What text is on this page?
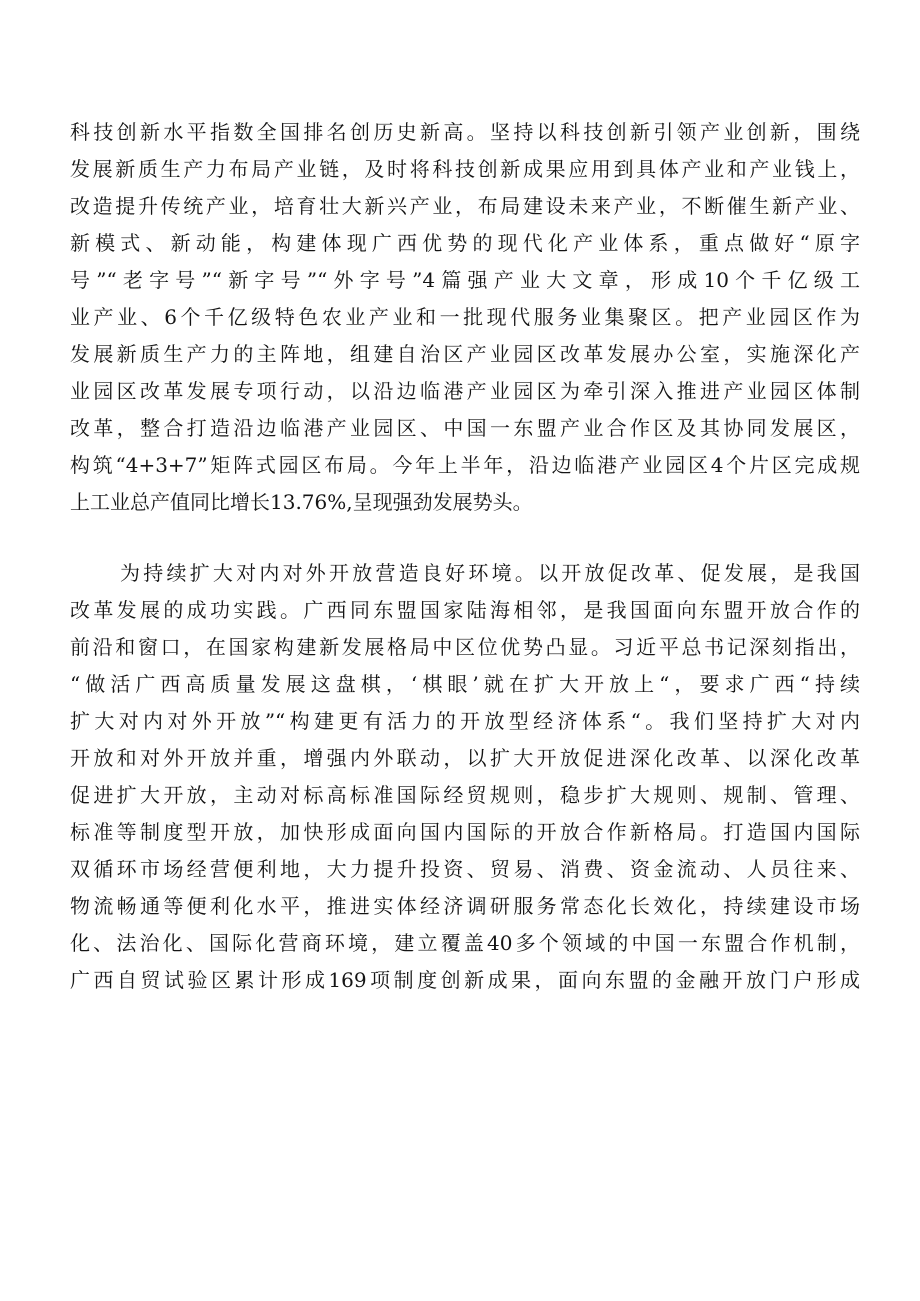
科技创新水平指数全国排名创历史新高。坚持以科技创新引领产业创新，围绕
发展新质生产力布局产业链，及时将科技创新成果应用到具体产业和产业钱上，
改造提升传统产业，培育壮大新兴产业，布局建设未来产业，不断催生新产业、
新模式、新动能，构建体现广西优势的现代化产业体系，重点做好“原字
号”“老字号”“新字号”“外字号”4篇强产业大文章，形成10个千亿级工
业产业、6个千亿级特色农业产业和一批现代服务业集聚区。把产业园区作为
发展新质生产力的主阵地，组建自治区产业园区改革发展办公室，实施深化产
业园区改革发展专项行动，以沿边临港产业园区为牵引深入推进产业园区体制
改革，整合打造沿边临港产业园区、中国一东盟产业合作区及其协同发展区，
构筑“4+3+7”矩阵式园区布局。今年上半年，沿边临港产业园区4个片区完成规
上工业总产值同比增长13.76%,呈现强劲发展势头。
为持续扩大对内对外开放营造良好环境。以开放促改革、促发展，是我国
改革发展的成功实践。广西同东盟国家陆海相邻，是我国面向东盟开放合作的
前沿和窗口，在国家构建新发展格局中区位优势凸显。习近平总书记深刻指出，
“做活广西高质量发展这盘棋，‘棋眼’就在扩大开放上“，要求广西“持续
扩大对内对外开放”“构建更有活力的开放型经济体系“。我们坚持扩大对内
开放和对外开放并重，增强内外联动，以扩大开放促进深化改革、以深化改革
促进扩大开放，主动对标高标准国际经贸规则，稳步扩大规则、规制、管理、
标准等制度型开放，加快形成面向国内国际的开放合作新格局。打造国内国际
双循环市场经营便利地，大力提升投资、贸易、消费、资金流动、人员往来、
物流畅通等便利化水平，推进实体经济调研服务常态化长效化，持续建设市场
化、法治化、国际化营商环境，建立覆盖40多个领域的中国一东盟合作机制，
广西自贸试验区累计形成169项制度创新成果，面向东盟的金融开放门户形成
